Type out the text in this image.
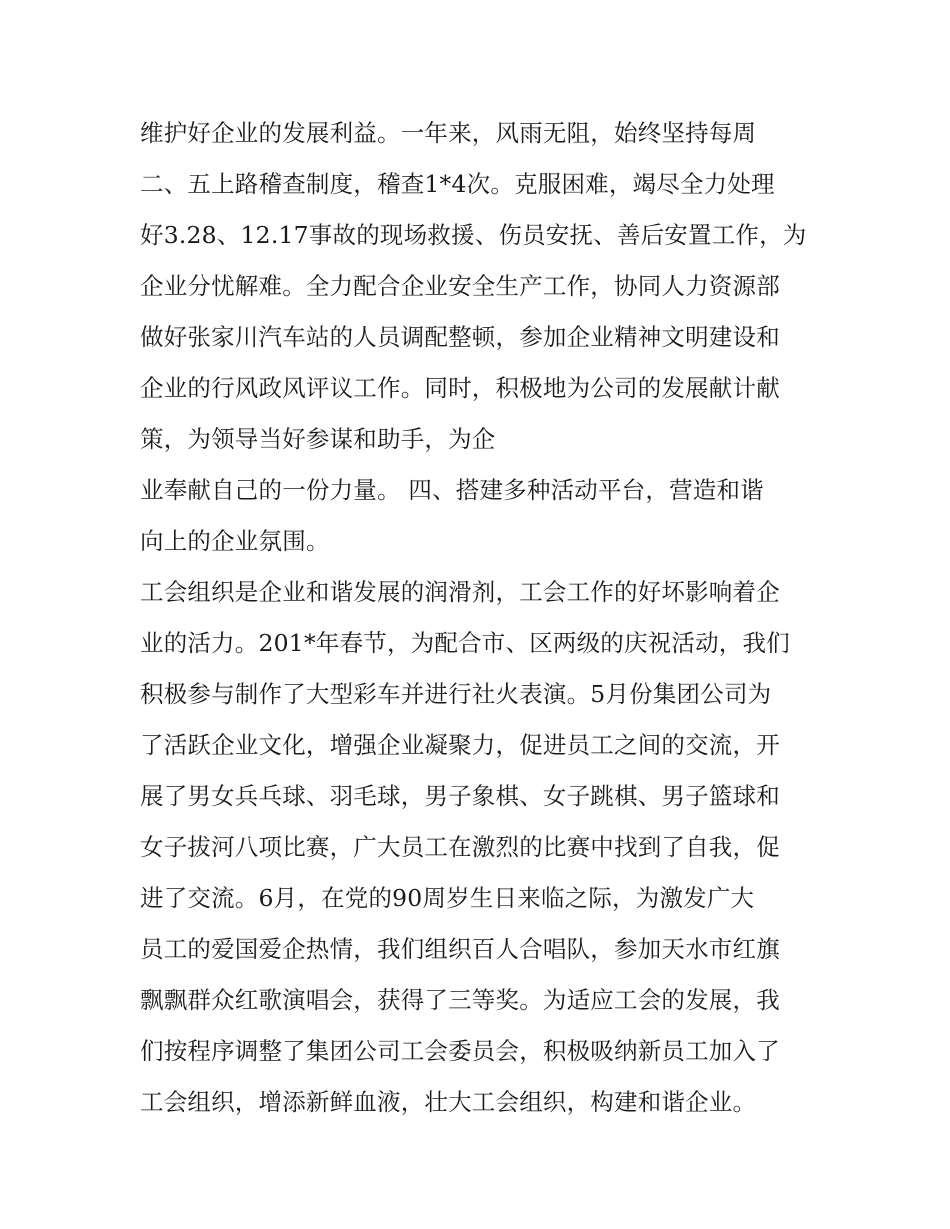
维护好企业的发展利益。一年来，风雨无阻，始终坚持每周
二、五上路稽查制度，稽查1*4次。克服困难，竭尽全力处理
好3.28、12.17事故的现场救援、伤员安抚、善后安置工作，为
企业分忧解难。全力配合企业安全生产工作，协同人力资源部
做好张家川汽车站的人员调配整顿，参加企业精神文明建设和
企业的行风政风评议工作。同时，积极地为公司的发展献计献
策，为领导当好参谋和助手，为企
业奉献自己的一份力量。 四、搭建多种活动平台，营造和谐
向上的企业氛围。
工会组织是企业和谐发展的润滑剂，工会工作的好坏影响着企
业的活力。201*年春节，为配合市、区两级的庆祝活动，我们
积极参与制作了大型彩车并进行社火表演。5月份集团公司为
了活跃企业文化，增强企业凝聚力，促进员工之间的交流，开
展了男女兵乓球、羽毛球，男子象棋、女子跳棋、男子篮球和
女子拔河八项比赛，广大员工在激烈的比赛中找到了自我，促
进了交流。6月，在党的90周岁生日来临之际，为激发广大
员工的爱国爱企热情，我们组织百人合唱队，参加天水市红旗
飘飘群众红歌演唱会，获得了三等奖。为适应工会的发展，我
们按程序调整了集团公司工会委员会，积极吸纳新员工加入了
工会组织，增添新鲜血液，壮大工会组织，构建和谐企业。
